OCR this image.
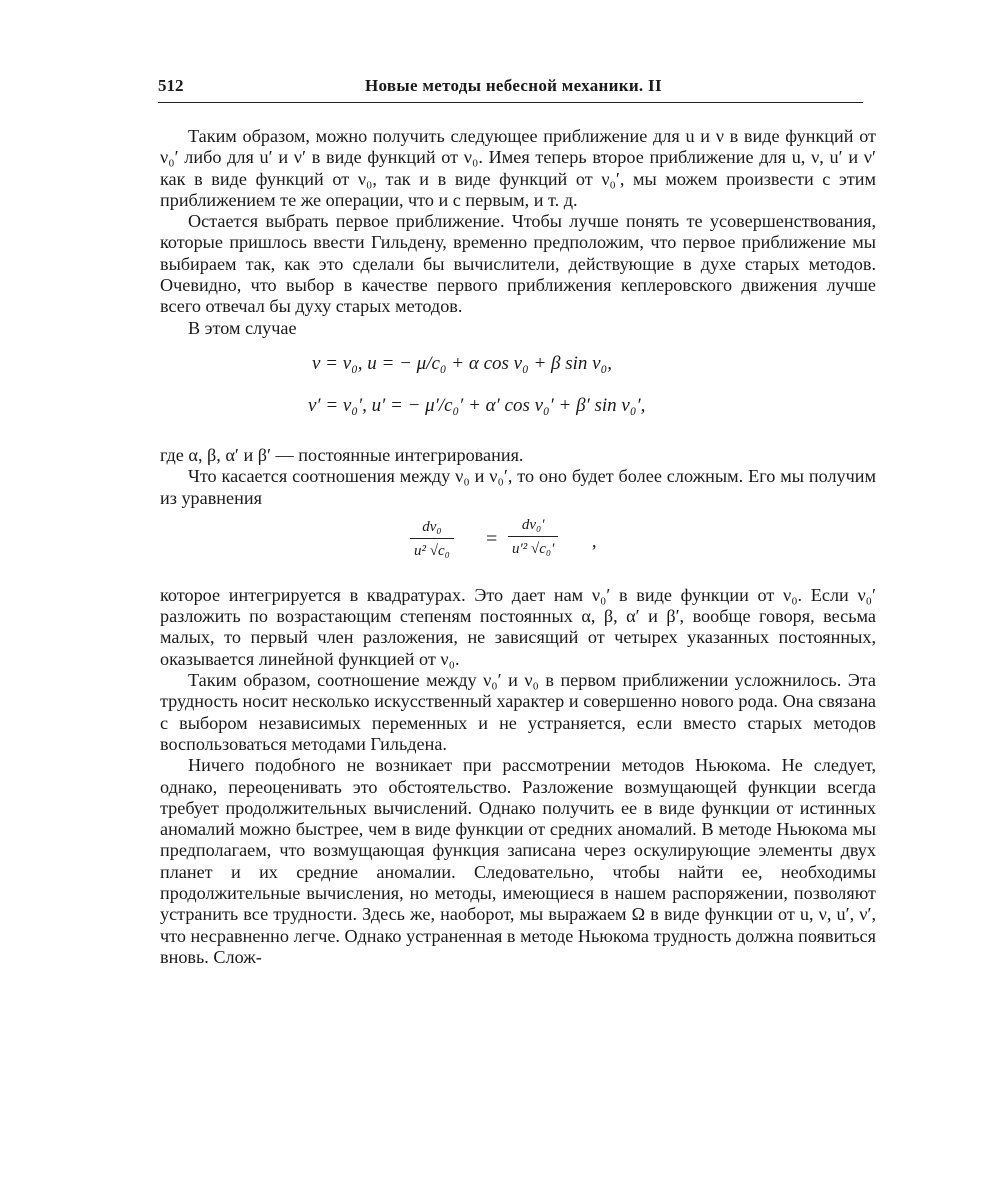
512	Новые методы небесной механики. II

Таким образом, можно получить следующее приближение для u и ν в виде функций от ν₀′ либо для u′ и ν′ в виде функций от ν₀. Имея теперь второе приближение для u, ν, u′ и ν′ как в виде функций от ν₀, так и в виде функций от ν₀′, мы можем произвести с этим приближением те же операции, что и с первым, и т. д.

Остается выбрать первое приближение. Чтобы лучше понять те усовершенствования, которые пришлось ввести Гильдену, временно предположим, что первое приближение мы выбираем так, как это сделали бы вычислители, действующие в духе старых методов. Очевидно, что выбор в качестве первого приближения кеплеровского движения лучше всего отвечал бы духу старых методов.

В этом случае

ν = ν₀, u = − μ/c₀ + α cos ν₀ + β sin ν₀,
ν′ = ν₀′, u′ = − μ′/c₀′ + α′ cos ν₀′ + β′ sin ν₀′,

где α, β, α′ и β′ — постоянные интегрирования.

Что касается соотношения между ν₀ и ν₀′, то оно будет более сложным. Его мы получим из уравнения

$\frac{\text{dν₀}}{\text{u² √c₀}} = \frac{\text{dν₀′}}{\text{u′² √c₀′}}$ ,

которое интегрируется в квадратурах. Это дает нам ν₀′ в виде функции от ν₀. Если ν₀′ разложить по возрастающим степеням постоянных α, β, α′ и β′, вообще говоря, весьма малых, то первый член разложения, не зависящий от четырех указанных постоянных, оказывается линейной функцией от ν₀.

Таким образом, соотношение между ν₀′ и ν₀ в первом приближении усложнилось. Эта трудность носит несколько искусственный характер и совершенно нового рода. Она связана с выбором независимых переменных и не устраняется, если вместо старых методов воспользоваться методами Гильдена.

Ничего подобного не возникает при рассмотрении методов Ньюкома. Не следует, однако, переоценивать это обстоятельство. Разложение возмущающей функции всегда требует продолжительных вычислений. Однако получить ее в виде функции от истинных аномалий можно быстрее, чем в виде функции от средних аномалий. В методе Ньюкома мы предполагаем, что возмущающая функция записана через оскулирующие элементы двух планет и их средние аномалии. Следовательно, чтобы найти ее, необходимы продолжительные вычисления, но методы, имеющиеся в нашем распоряжении, позволяют устранить все трудности. Здесь же, наоборот, мы выражаем Ω в виде функции от u, ν, u′, ν′, что несравненно легче. Однако устраненная в методе Ньюкома трудность должна появиться вновь. Слож-
